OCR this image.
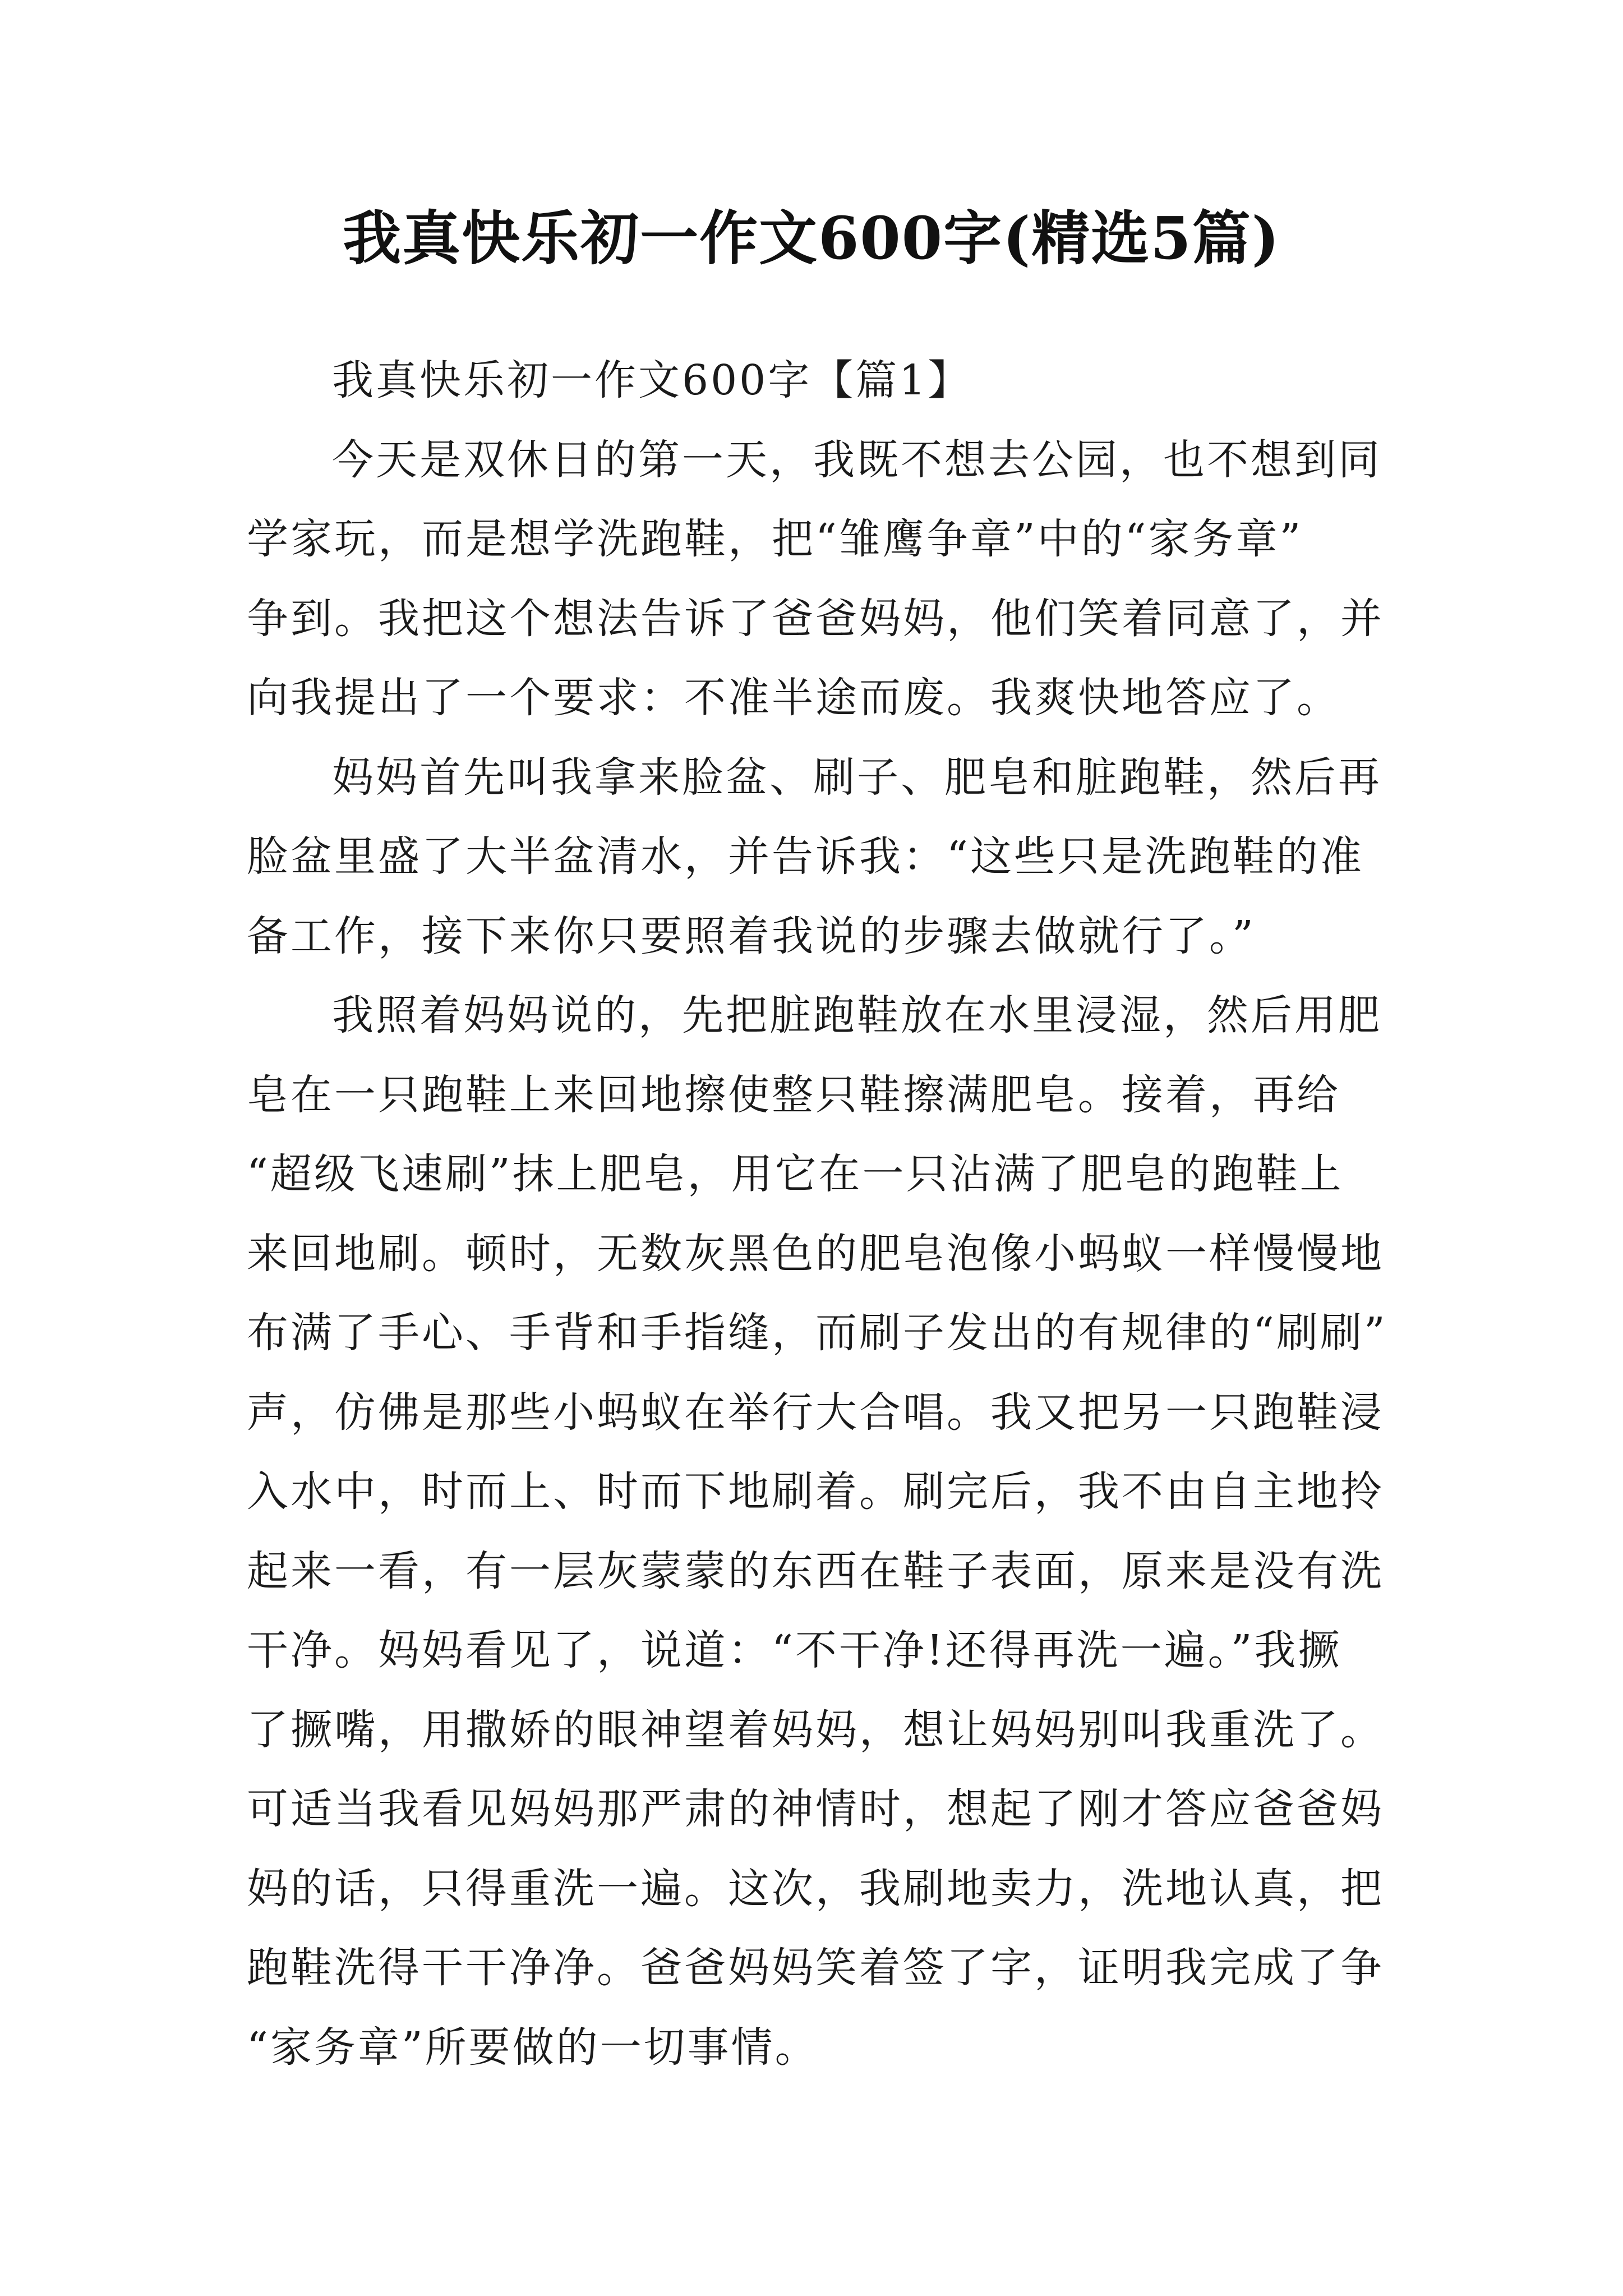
我真快乐初一作文600字(精选5篇)
我真快乐初一作文600字【篇1】
今天是双休日的第一天，我既不想去公园，也不想到同
学家玩，而是想学洗跑鞋，把“雏鹰争章”中的“家务章”
争到。我把这个想法告诉了爸爸妈妈，他们笑着同意了，并
向我提出了一个要求：不准半途而废。我爽快地答应了。
妈妈首先叫我拿来脸盆、刷子、肥皂和脏跑鞋，然后再
脸盆里盛了大半盆清水，并告诉我：“这些只是洗跑鞋的准
备工作，接下来你只要照着我说的步骤去做就行了。”
我照着妈妈说的，先把脏跑鞋放在水里浸湿，然后用肥
皂在一只跑鞋上来回地擦使整只鞋擦满肥皂。接着，再给
“超级飞速刷”抹上肥皂，用它在一只沾满了肥皂的跑鞋上
来回地刷。顿时，无数灰黑色的肥皂泡像小蚂蚁一样慢慢地
布满了手心、手背和手指缝，而刷子发出的有规律的“刷刷”
声，仿佛是那些小蚂蚁在举行大合唱。我又把另一只跑鞋浸
入水中，时而上、时而下地刷着。刷完后，我不由自主地拎
起来一看，有一层灰蒙蒙的东西在鞋子表面，原来是没有洗
干净。妈妈看见了，说道：“不干净!还得再洗一遍。”我撅
了撅嘴，用撒娇的眼神望着妈妈，想让妈妈别叫我重洗了。
可适当我看见妈妈那严肃的神情时，想起了刚才答应爸爸妈
妈的话，只得重洗一遍。这次，我刷地卖力，洗地认真，把
跑鞋洗得干干净净。爸爸妈妈笑着签了字，证明我完成了争
“家务章”所要做的一切事情。
